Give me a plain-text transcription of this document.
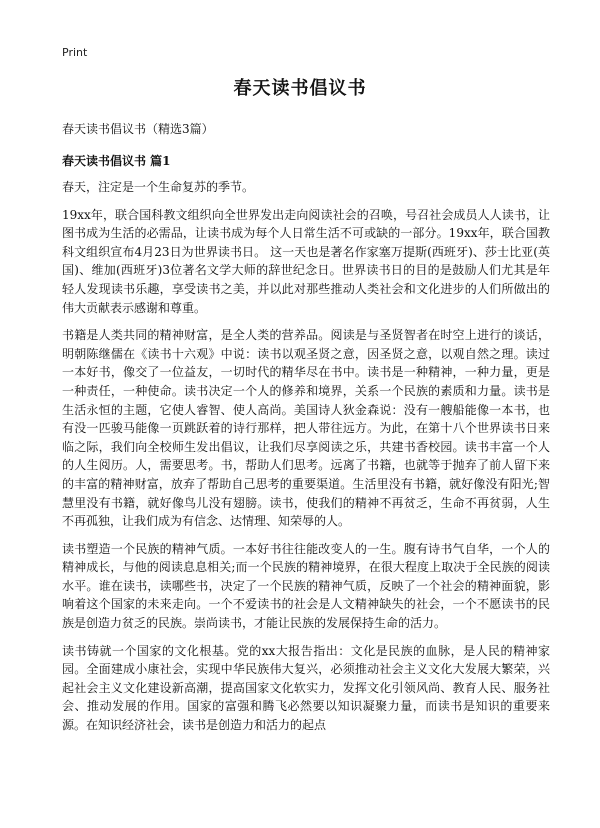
Print
春天读书倡议书
春天读书倡议书（精选3篇）
春天读书倡议书 篇1

春天，注定是一个生命复苏的季节。

19xx年，联合国科教文组织向全世界发出走向阅读社会的召唤，号召社会成员人人读书，让图书成为生活的必需品，让读书成为每个人日常生活不可或缺的一部分。19xx年，联合国教科文组织宣布4月23日为世界读书日。 这一天也是著名作家塞万提斯(西班牙)、莎士比亚(英国)、维加(西班牙)3位著名文学大师的辞世纪念日。世界读书日的目的是鼓励人们尤其是年轻人发现读书乐趣，享受读书之美，并以此对那些推动人类社会和文化进步的人们所做出的伟大贡献表示感谢和尊重。

书籍是人类共同的精神财富，是全人类的营养品。阅读是与圣贤智者在时空上进行的谈话，明朝陈继儒在《读书十六观》中说：读书以观圣贤之意，因圣贤之意，以观自然之理。读过一本好书，像交了一位益友，一切时代的精华尽在书中。读书是一种精神，一种力量，更是一种责任，一种使命。读书决定一个人的修养和境界，关系一个民族的素质和力量。读书是生活永恒的主题，它使人睿智、使人高尚。美国诗人狄金森说：没有一艘船能像一本书，也有没一匹骏马能像一页跳跃着的诗行那样，把人带往远方。为此，在第十八个世界读书日来临之际，我们向全校师生发出倡议，让我们尽享阅读之乐，共建书香校园。读书丰富一个人的人生阅历。人，需要思考。书，帮助人们思考。远离了书籍，也就等于抛弃了前人留下来的丰富的精神财富，放弃了帮助自己思考的重要渠道。生活里没有书籍，就好像没有阳光;智慧里没有书籍，就好像鸟儿没有翅膀。读书，使我们的精神不再贫乏，生命不再贫弱，人生不再孤独，让我们成为有信念、达情理、知荣辱的人。

读书塑造一个民族的精神气质。一本好书往往能改变人的一生。腹有诗书气自华，一个人的精神成长，与他的阅读息息相关;而一个民族的精神境界，在很大程度上取决于全民族的阅读水平。谁在读书，读哪些书，决定了一个民族的精神气质，反映了一个社会的精神面貌，影响着这个国家的未来走向。一个不爱读书的社会是人文精神缺失的社会，一个不愿读书的民族是创造力贫乏的民族。崇尚读书，才能让民族的发展保持生命的活力。

读书铸就一个国家的文化根基。党的xx大报告指出：文化是民族的血脉，是人民的精神家园。全面建成小康社会，实现中华民族伟大复兴，必须推动社会主义文化大发展大繁荣，兴起社会主义文化建设新高潮，提高国家文化软实力，发挥文化引领风尚、教育人民、服务社会、推动发展的作用。国家的富强和腾飞必然要以知识凝聚力量，而读书是知识的重要来源。在知识经济社会，读书是创造力和活力的起点
